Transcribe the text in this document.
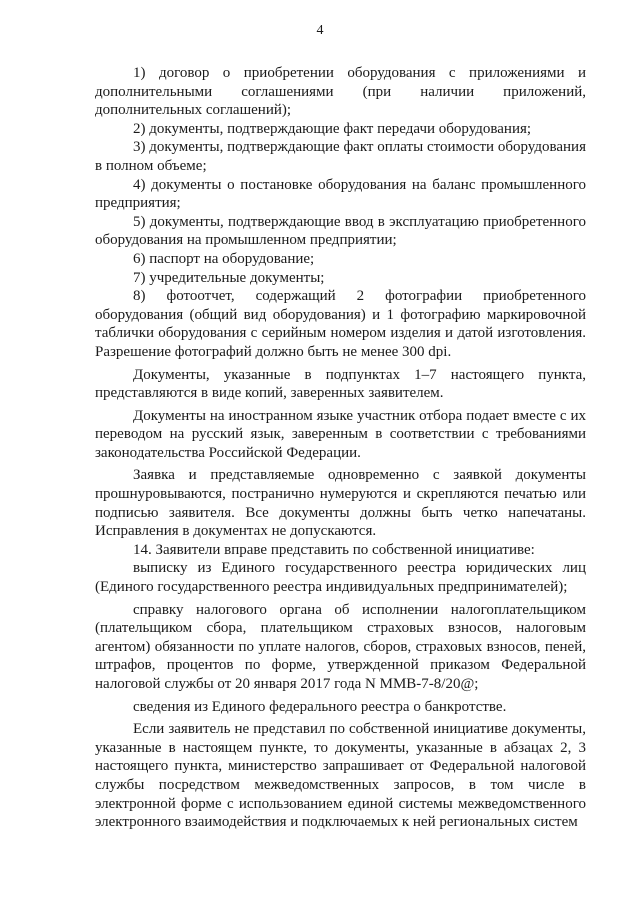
4

1) договор о приобретении оборудования с приложениями и дополнительными соглашениями (при наличии приложений, дополнительных соглашений);

2) документы, подтверждающие факт передачи оборудования;

3) документы, подтверждающие факт оплаты стоимости оборудования в полном объеме;

4) документы о постановке оборудования на баланс промышленного предприятия;

5) документы, подтверждающие ввод в эксплуатацию приобретенного оборудования на промышленном предприятии;

6) паспорт на оборудование;

7) учредительные документы;

8) фотоотчет, содержащий 2 фотографии приобретенного оборудования (общий вид оборудования) и 1 фотографию маркировочной таблички оборудования с серийным номером изделия и датой изготовления. Разрешение фотографий должно быть не менее 300 dpi.

Документы, указанные в подпунктах 1–7 настоящего пункта, представляются в виде копий, заверенных заявителем.

Документы на иностранном языке участник отбора подает вместе с их переводом на русский язык, заверенным в соответствии с требованиями законодательства Российской Федерации.

Заявка и представляемые одновременно с заявкой документы прошнуровываются, постранично нумеруются и скрепляются печатью или подписью заявителя. Все документы должны быть четко напечатаны. Исправления в документах не допускаются.

14. Заявители вправе представить по собственной инициативе:

выписку из Единого государственного реестра юридических лиц (Единого государственного реестра индивидуальных предпринимателей);

справку налогового органа об исполнении налогоплательщиком (плательщиком сбора, плательщиком страховых взносов, налоговым агентом) обязанности по уплате налогов, сборов, страховых взносов, пеней, штрафов, процентов по форме, утвержденной приказом Федеральной налоговой службы от 20 января 2017 года N ММВ-7-8/20@;

сведения из Единого федерального реестра о банкротстве.

Если заявитель не представил по собственной инициативе документы, указанные в настоящем пункте, то документы, указанные в абзацах 2, 3 настоящего пункта, министерство запрашивает от Федеральной налоговой службы посредством межведомственных запросов, в том числе в электронной форме с использованием единой системы межведомственного электронного взаимодействия и подключаемых к ней региональных систем
